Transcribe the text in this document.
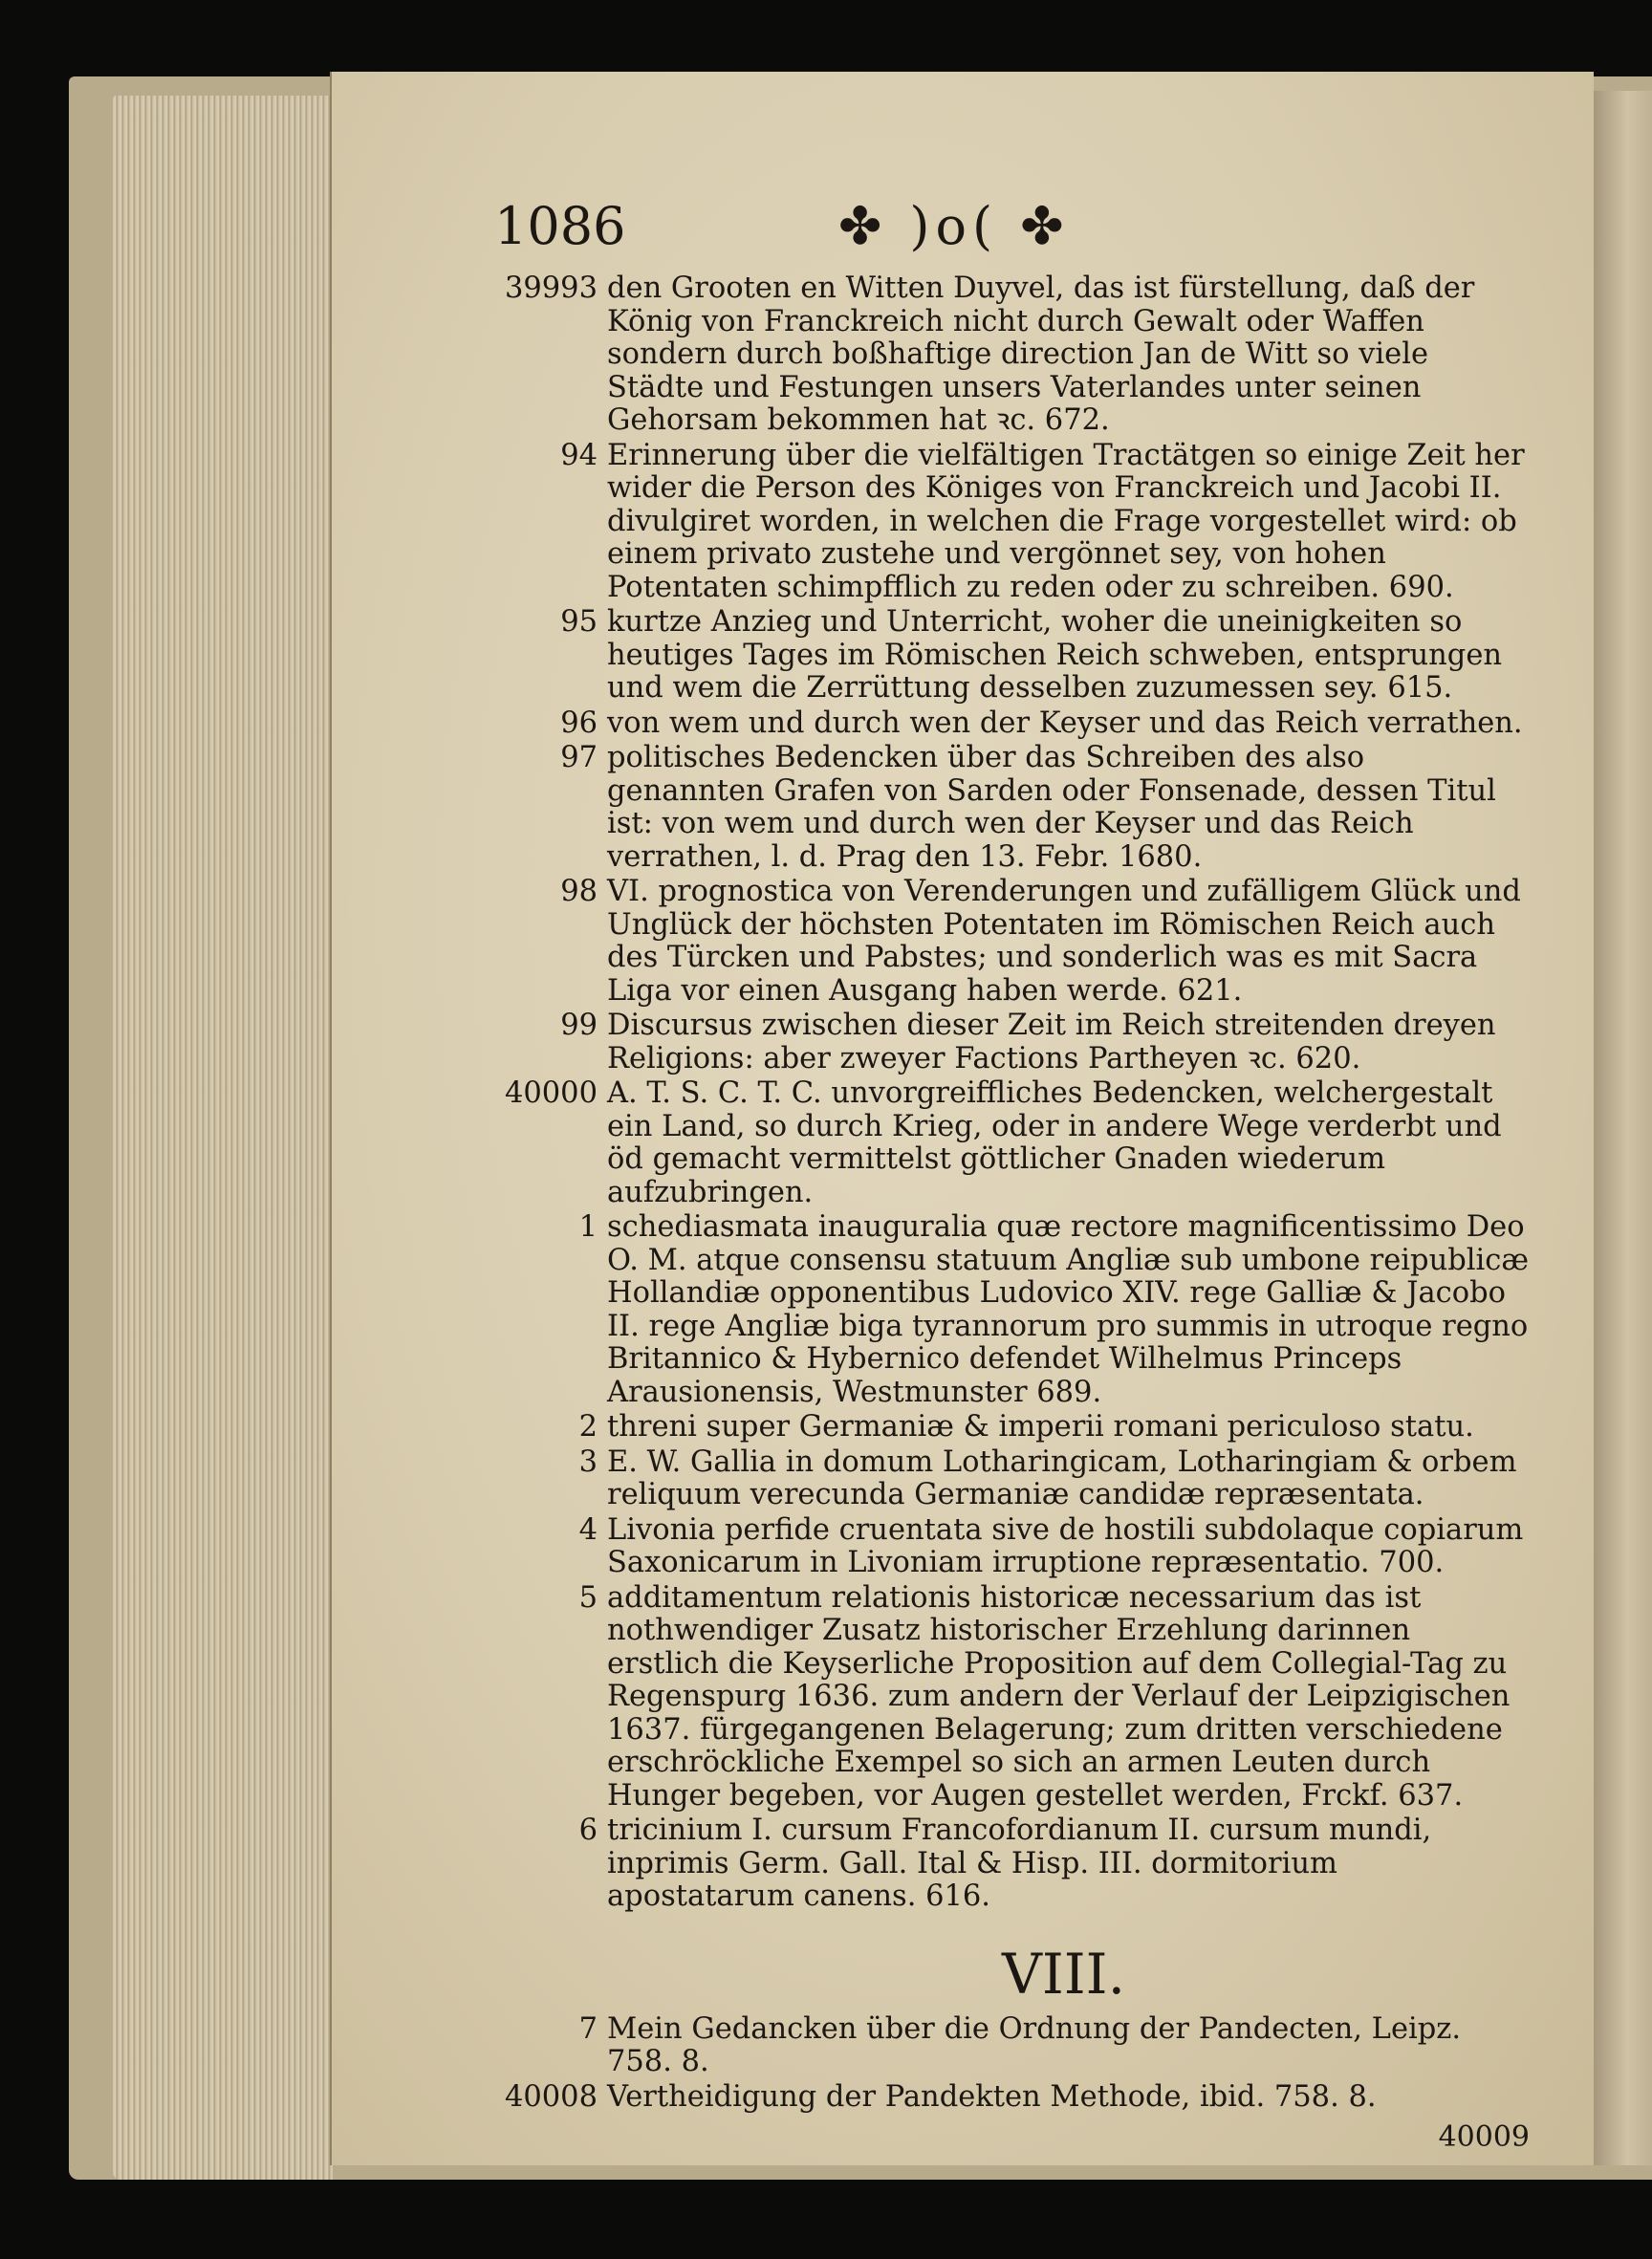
1086	✤ )o( ✤
39993 den Grooten en Witten Duyvel, das ist fürstellung, daß der König von Franckreich nicht durch Gewalt oder Waffen sondern durch boßhaftige direction Jan de Witt so viele Städte und Festungen unsers Vaterlandes unter seinen Gehorsam bekommen hat ꝛc. 672.
94 Erinnerung über die vielfältigen Tractätgen so einige Zeit her wider die Person des Königes von Franckreich und Jacobi II. divulgiret worden, in welchen die Frage vorgestellet wird: ob einem privato zustehe und vergönnet sey, von hohen Potentaten schimpfflich zu reden oder zu schreiben. 690.
95 kurtze Anzieg und Unterricht, woher die uneinigkeiten so heutiges Tages im Römischen Reich schweben, entsprungen und wem die Zerrüttung desselben zuzumessen sey. 615.
96 von wem und durch wen der Keyser und das Reich verrathen.
97 politisches Bedencken über das Schreiben des also genannten Grafen von Sarden oder Fonsenade, dessen Titul ist: von wem und durch wen der Keyser und das Reich verrathen, l. d. Prag den 13. Febr. 1680.
98 VI. prognostica von Verenderungen und zufälligem Glück und Unglück der höchsten Potentaten im Römischen Reich auch des Türcken und Pabstes; und sonderlich was es mit Sacra Liga vor einen Ausgang haben werde. 621.
99 Discursus zwischen dieser Zeit im Reich streitenden dreyen Religions: aber zweyer Factions Partheyen ꝛc. 620.
40000 A. T. S. C. T. C. unvorgreiffliches Bedencken, welchergestalt ein Land, so durch Krieg, oder in andere Wege verderbt und öd gemacht vermittelst göttlicher Gnaden wiederum aufzubringen.
1 schediasmata inauguralia quæ rectore magnificentissimo Deo O. M. atque consensu statuum Angliæ sub umbone reipublicæ Hollandiæ opponentibus Ludovico XIV. rege Galliæ & Jacobo II. rege Angliæ biga tyrannorum pro summis in utroque regno Britannico & Hybernico defendet Wilhelmus Princeps Arausionensis, Westmunster 689.
2 threni super Germaniæ & imperii romani periculoso statu.
3 E. W. Gallia in domum Lotharingicam, Lotharingiam & orbem reliquum verecunda Germaniæ candidæ repræsentata.
4 Livonia perfide cruentata sive de hostili subdolaque copiarum Saxonicarum in Livoniam irruptione repræsentatio. 700.
5 additamentum relationis historicæ necessarium das ist nothwendiger Zusatz historischer Erzehlung darinnen erstlich die Keyserliche Proposition auf dem Collegial-Tag zu Regenspurg 1636. zum andern der Verlauf der Leipzigischen 1637. fürgegangenen Belagerung; zum dritten verschiedene erschröckliche Exempel so sich an armen Leuten durch Hunger begeben, vor Augen gestellet werden, Frckf. 637.
6 tricinium I. cursum Francofordianum II. cursum mundi, inprimis Germ. Gall. Ital & Hisp. III. dormitorium apostatarum canens. 616.
VIII.
7 Mein Gedancken über die Ordnung der Pandecten, Leipz. 758. 8.
40008 Vertheidigung der Pandekten Methode, ibid. 758. 8.
40009
